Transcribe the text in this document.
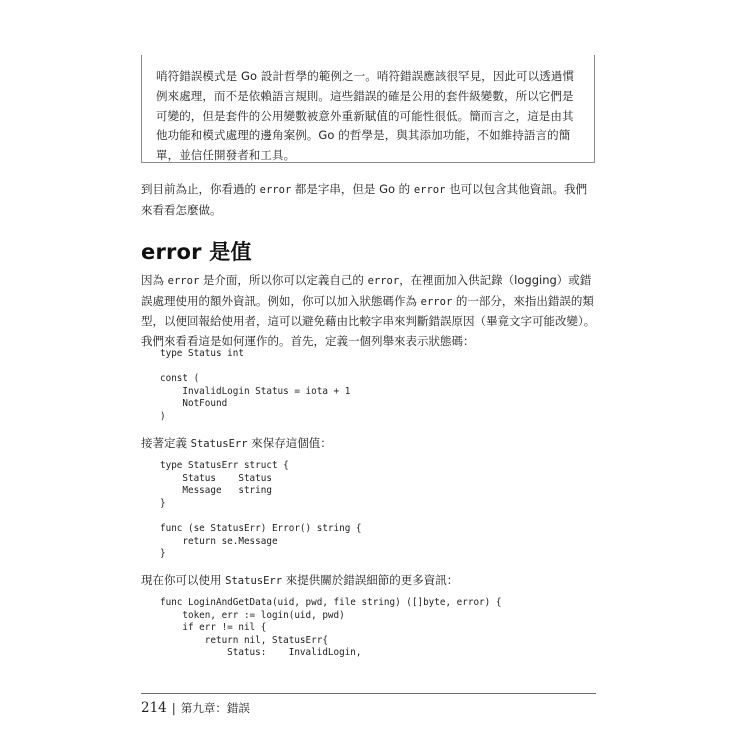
哨符錯誤模式是 Go 設計哲學的範例之一。哨符錯誤應該很罕見，因此可以透過慣例來處理，而不是依賴語言規則。這些錯誤的確是公用的套件級變數，所以它們是可變的，但是套件的公用變數被意外重新賦值的可能性很低。簡而言之，這是由其他功能和模式處理的邊角案例。Go 的哲學是，與其添加功能，不如維持語言的簡單，並信任開發者和工具。
到目前為止，你看過的 error 都是字串，但是 Go 的 error 也可以包含其他資訊。我們來看看怎麼做。
error 是值
因為 error 是介面，所以你可以定義自己的 error，在裡面加入供記錄（logging）或錯誤處理使用的額外資訊。例如，你可以加入狀態碼作為 error 的一部分，來指出錯誤的類型，以便回報給使用者，這可以避免藉由比較字串來判斷錯誤原因（畢竟文字可能改變）。我們來看看這是如何運作的。首先，定義一個列舉來表示狀態碼：
type Status int

const (
InvalidLogin Status = iota + 1
NotFound
)
接著定義 StatusErr 來保存這個值：
type StatusErr struct {
Status    Status
Message   string
}

func (se StatusErr) Error() string {
return se.Message
}
現在你可以使用 StatusErr 來提供關於錯誤細節的更多資訊：
func LoginAndGetData(uid, pwd, file string) ([]byte, error) {
token, err := login(uid, pwd)
if err != nil {
return nil, StatusErr{
Status:    InvalidLogin,
214 | 第九章：錯誤
